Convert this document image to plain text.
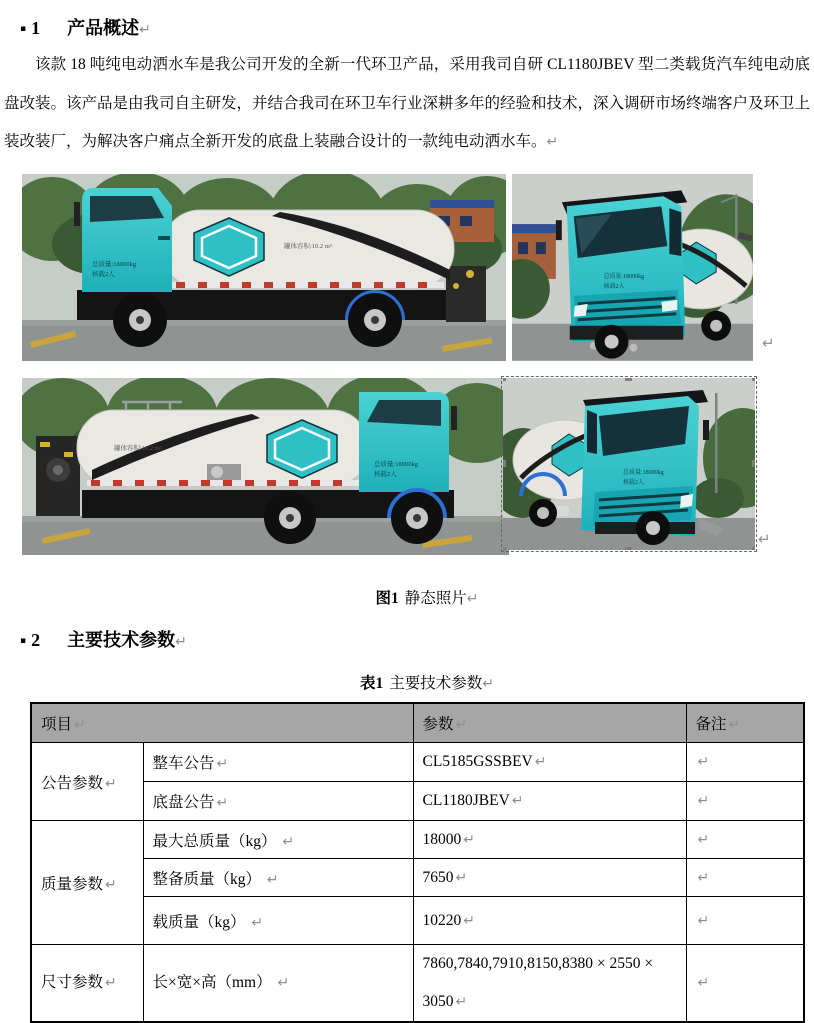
▪ 1 产品概述↵
该款 18 吨纯电动洒水车是我公司开发的全新一代环卫产品，采用我司自研 CL1180JBEV 型二类载货汽车纯电动底盘改装。该产品是由我司自主研发，并结合我司在环卫车行业深耕多年的经验和技术，深入调研市场终端客户及环卫上装改装厂，为解决客户痛点全新开发的底盘上装融合设计的一款纯电动洒水车。↵
罐体容积:10.2 m³
总质量:18000kg
核载2人	总质量:18000kg
核载2人
↵
罐体容积:10.2 m³
总质量:18000kg
核载2人	总质量:18000kg
核载2人
↵
图1 静态照片↵
▪ 2 主要技术参数↵
表1 主要技术参数↵
项目 ↵		参数 ↵	备注 ↵
公告参数 ↵	整车公告 ↵	CL5185GSSBEV ↵	↵
	底盘公告 ↵	CL1180JBEV ↵	↵
质量参数 ↵	最大总质量（kg） ↵	18000 ↵	↵
	整备质量（kg） ↵	7650 ↵	↵
	载质量（kg） ↵	10220 ↵	↵
尺寸参数 ↵	长×宽×高（mm） ↵	7860,7840,7910,8150,8380 × 2550 × 3050 ↵	↵
